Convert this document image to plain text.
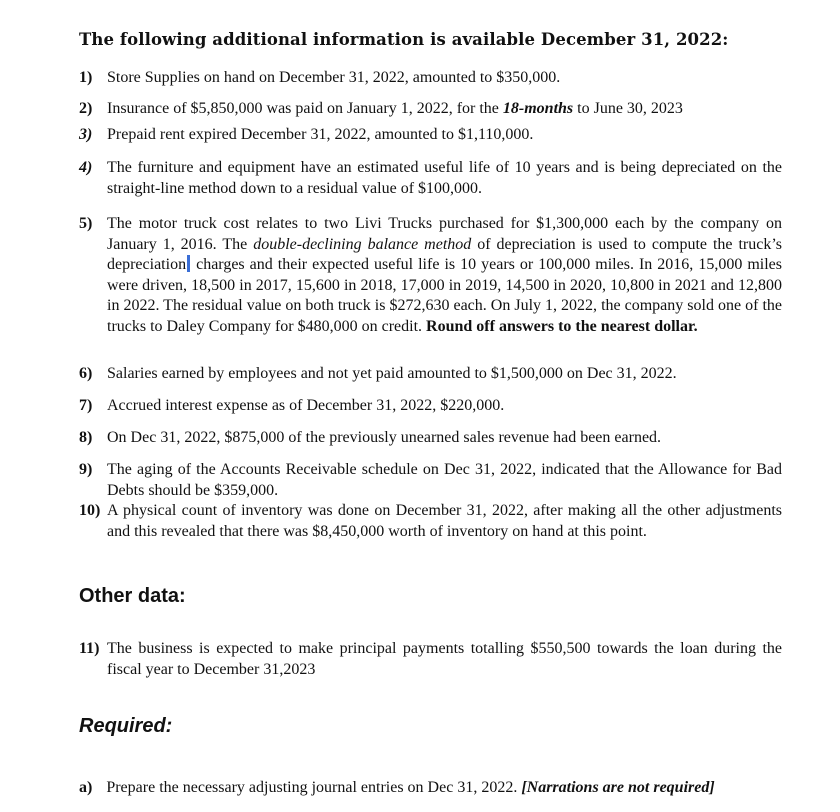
The following additional information is available December 31, 2022:
1) Store Supplies on hand on December 31, 2022, amounted to $350,000.
2) Insurance of $5,850,000 was paid on January 1, 2022, for the 18-months to June 30, 2023
3) Prepaid rent expired December 31, 2022, amounted to $1,110,000.
4) The furniture and equipment have an estimated useful life of 10 years and is being depreciated on the straight-line method down to a residual value of $100,000.
5) The motor truck cost relates to two Livi Trucks purchased for $1,300,000 each by the company on January 1, 2016. The double-declining balance method of depreciation is used to compute the truck’s depreciation charges and their expected useful life is 10 years or 100,000 miles. In 2016, 15,000 miles were driven, 18,500 in 2017, 15,600 in 2018, 17,000 in 2019, 14,500 in 2020, 10,800 in 2021 and 12,800 in 2022. The residual value on both truck is $272,630 each. On July 1, 2022, the company sold one of the trucks to Daley Company for $480,000 on credit. Round off answers to the nearest dollar.
6) Salaries earned by employees and not yet paid amounted to $1,500,000 on Dec 31, 2022.
7) Accrued interest expense as of December 31, 2022, $220,000.
8) On Dec 31, 2022, $875,000 of the previously unearned sales revenue had been earned.
9) The aging of the Accounts Receivable schedule on Dec 31, 2022, indicated that the Allowance for Bad Debts should be $359,000.
10) A physical count of inventory was done on December 31, 2022, after making all the other adjustments and this revealed that there was $8,450,000 worth of inventory on hand at this point.
Other data:
11) The business is expected to make principal payments totalling $550,500 towards the loan during the fiscal year to December 31,2023
Required:
a) Prepare the necessary adjusting journal entries on Dec 31, 2022. [Narrations are not required]
